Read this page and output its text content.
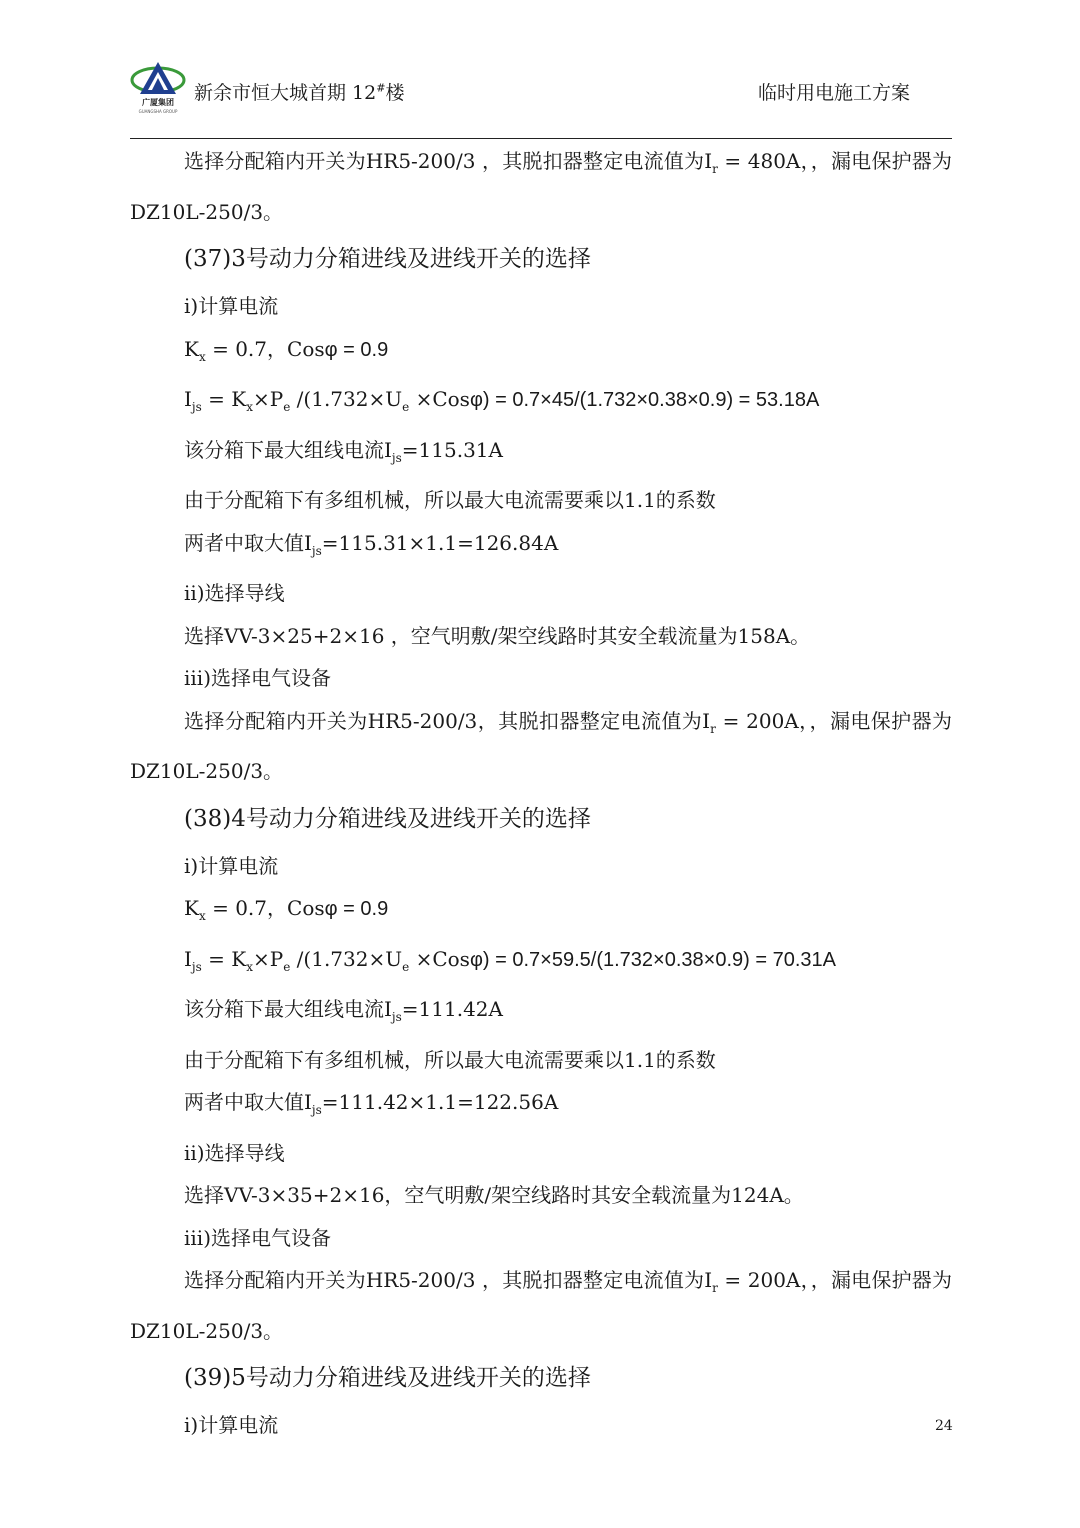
广厦集团
GUANGSHA GROUP
新余市恒大城首期 12#楼	临时用电施工方案

选择分配箱内开关为HR5-200/3 ，其脱扣器整定电流值为$I_r = 480A$，，漏电保护器为 DZ10L-250/3。

(37)3号动力分箱进线及进线开关的选择

i)计算电流

$K_x = 0.7$，Cosφ = 0.9

$I_{js} = K_x\times P_e$ $/(1.732\times U_e \times Cos\varphi) = 0.7\times 45/(1.732\times 0.38\times 0.9) = 53.18A$

该分箱下最大组线电流$I_{js}=115.31A$

由于分配箱下有多组机械，所以最大电流需要乘以1.1的系数

两者中取大值$I_{js}=115.31\times 1.1=126.84A$

ii)选择导线

选择VV-3×25+2×16 ，空气明敷/架空线路时其安全载流量为158A。

iii)选择电气设备

选择分配箱内开关为HR5-200/3，其脱扣器整定电流值为$I_r = 200A$，，漏电保护器为 DZ10L-250/3。

(38)4号动力分箱进线及进线开关的选择

i)计算电流

$K_x = 0.7$，Cosφ = 0.9

$I_{js} = K_x\times P_e$ $/(1.732\times U_e \times Cos\varphi) = 0.7\times 59.5/(1.732\times 0.38\times 0.9) = 70.31A$

该分箱下最大组线电流$I_{js}=111.42A$

由于分配箱下有多组机械，所以最大电流需要乘以1.1的系数

两者中取大值$I_{js}=111.42\times 1.1=122.56A$

ii)选择导线

选择VV-3×35+2×16，空气明敷/架空线路时其安全载流量为124A。

iii)选择电气设备

选择分配箱内开关为HR5-200/3 ，其脱扣器整定电流值为$I_r = 200A$，，漏电保护器为 DZ10L-250/3。

(39)5号动力分箱进线及进线开关的选择

i)计算电流	24
